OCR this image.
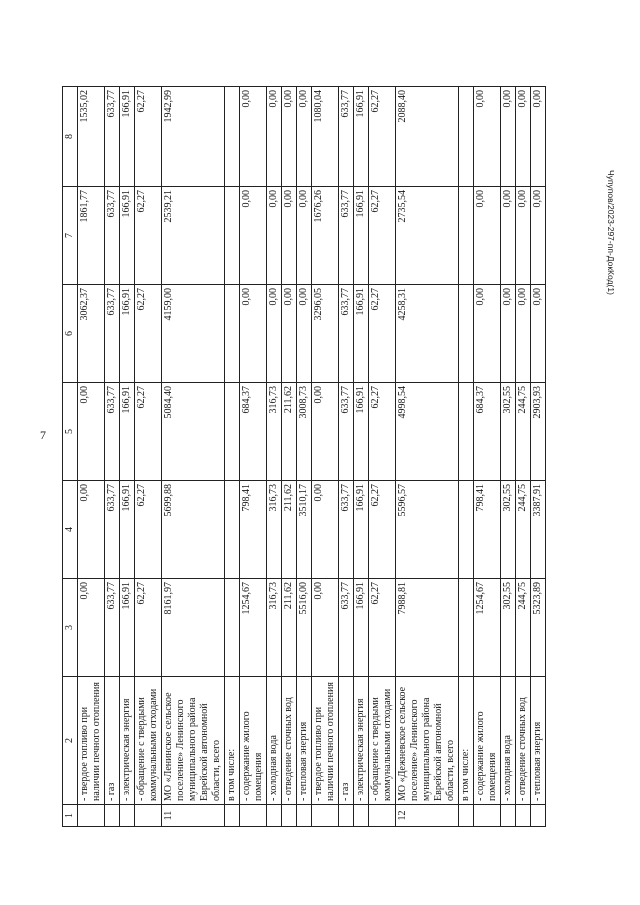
7
Чупупов/2023-297-пп-ДокКод(1)
1	2	3	4	5	6	7	8
	- твердое топливо при наличии печного отопления	0,00	0,00	0,00	3062,37	1861,77	1535,02
	- газ	633,77	633,77	633,77	633,77	633,77	633,77
	- электрическая энергия	166,91	166,91	166,91	166,91	166,91	166,91
	- обращение с твердыми коммунальными отходами	62,27	62,27	62,27	62,27	62,27	62,27
11	МО «Ленинское сельское поселение» Ленинского муниципального района Еврейской автономной области, всего	8161,97	5699,88	5084,40	4159,00	2539,21	1942,99
	в том числе:						
	- содержание жилого помещения	1254,67	798,41	684,37	0,00	0,00	0,00
	- холодная вода	316,73	316,73	316,73	0,00	0,00	0,00
	- отведение сточных вод	211,62	211,62	211,62	0,00	0,00	0,00
	- тепловая энергия	5516,00	3510,17	3008,73	0,00	0,00	0,00
	- твердое топливо при наличии печного отопления	0,00	0,00	0,00	3296,05	1676,26	1080,04
	- газ	633,77	633,77	633,77	633,77	633,77	633,77
	- электрическая энергия	166,91	166,91	166,91	166,91	166,91	166,91
	- обращение с твердыми коммунальными отходами	62,27	62,27	62,27	62,27	62,27	62,27
12	МО «Дежневское сельское поселение» Ленинского муниципального района Еврейской автономной области, всего	7988,81	5596,57	4998,54	4258,31	2735,54	2088,40
	в том числе:						
	- содержание жилого помещения	1254,67	798,41	684,37	0,00	0,00	0,00
	- холодная вода	302,55	302,55	302,55	0,00	0,00	0,00
	- отведение сточных вод	244,75	244,75	244,75	0,00	0,00	0,00
	- тепловая энергия	5323,89	3387,91	2903,93	0,00	0,00	0,00
